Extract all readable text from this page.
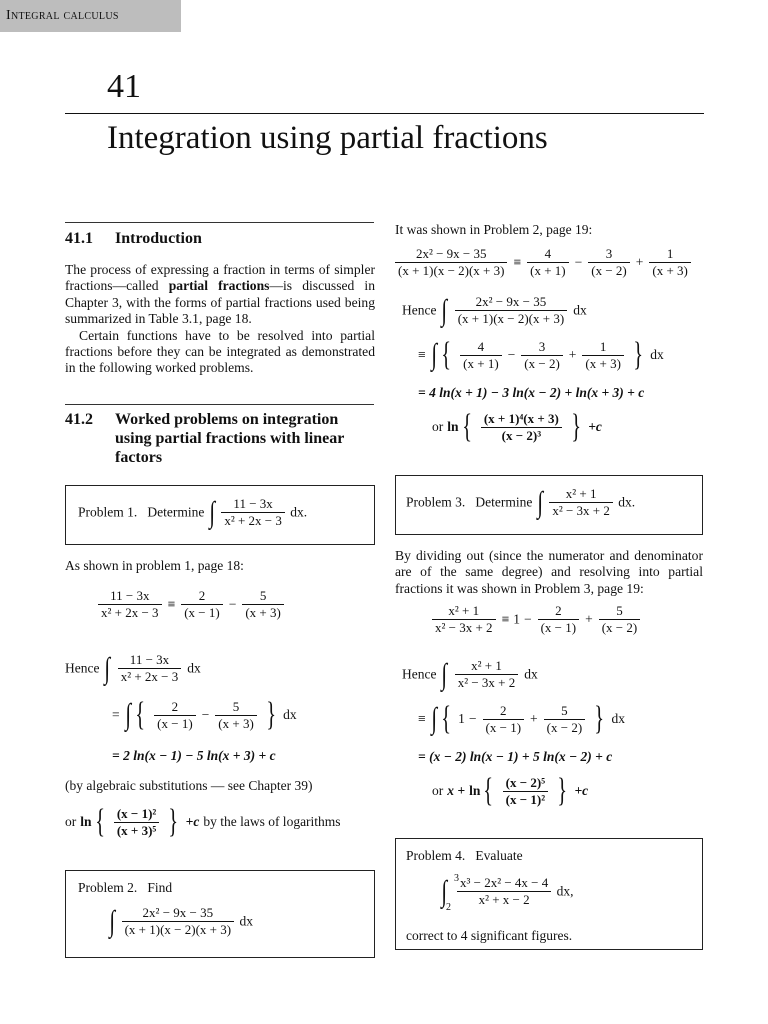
Integral calculus
41
Integration using partial fractions
41.1 Introduction

The process of expressing a fraction in terms of simpler fractions—called partial fractions—is discussed in Chapter 3, with the forms of partial fractions used being summarized in Table 3.1, page 18.

Certain functions have to be resolved into partial fractions before they can be integrated as demonstrated in the following worked problems.

41.2 Worked problems on integration
using partial fractions with linear
factors
Problem 1. Determine ∫ $\frac{11 - 3x}{\text{x² + 2x − 3}}$ dx.
As shown in problem 1, page 18:
$\frac{11 - 3x}{\text{x² + 2x − 3}} \equiv \frac{2}{(x - 1)} - \frac{5}{(x + 3)}$
Hence ∫ $\frac{11 - 3x}{\text{x² + 2x − 3}}$ dx
= ∫ { $\frac{2}{(x - 1)} - \frac{5}{(x + 3)}$ } dx
= 2 ln(x − 1) − 5 ln(x + 3) + c
(by algebraic substitutions — see Chapter 39)
or $\ln\{ \frac{\text{(x − 1)²}}{\text{(x + 3)⁵}}$ } +c by the laws of logarithms
Problem 2. Find
∫ $\frac{\text{2x² − 9x − 35}}{(x + 1)(x - 2)(x + 3)}$ dx
It was shown in Problem 2, page 19:
$\frac{\text{2x² − 9x − 35}}{(x + 1)(x - 2)(x + 3)} \equiv \frac{4}{(x + 1)} - \frac{3}{(x - 2)} + \frac{1}{(x + 3)}$
Hence ∫ $\frac{\text{2x² − 9x − 35}}{(x + 1)(x - 2)(x + 3)}$ dx
≡ ∫ { $\frac{4}{(x + 1)} - \frac{3}{(x - 2)} + \frac{1}{(x + 3)}$ } dx
= 4 ln(x + 1) − 3 ln(x − 2) + ln(x + 3) + c
or $\ln\{ \frac{\text{(x + 1)⁴(x + 3)}}{\text{(x − 2)³}}$ } +c
Problem 3. Determine ∫ $\frac{\text{x² + 1}}{\text{x² − 3x + 2}}$ dx.
By dividing out (since the numerator and denominator are of the same degree) and resolving into partial fractions it was shown in Problem 3, page 19:
$\frac{\text{x² + 1}}{\text{x² − 3x + 2}} \equiv 1 - \frac{2}{(x - 1)} + \frac{5}{(x - 2)}$
Hence ∫ $\frac{\text{x² + 1}}{\text{x² − 3x + 2}}$ dx
≡ ∫ { $1 - \frac{2}{(x - 1)} + \frac{5}{(x - 2)}$ } dx
= (x − 2) ln(x − 1) + 5 ln(x − 2) + c
or $x + \ln\{ \frac{\text{(x − 2)⁵}}{\text{(x − 1)²}}$ } +c
Problem 4. Evaluate
∫ 3
2
$\frac{\text{x³ − 2x² − 4x − 4}}{\text{x² + x − 2}}$ dx,
correct to 4 significant figures.
